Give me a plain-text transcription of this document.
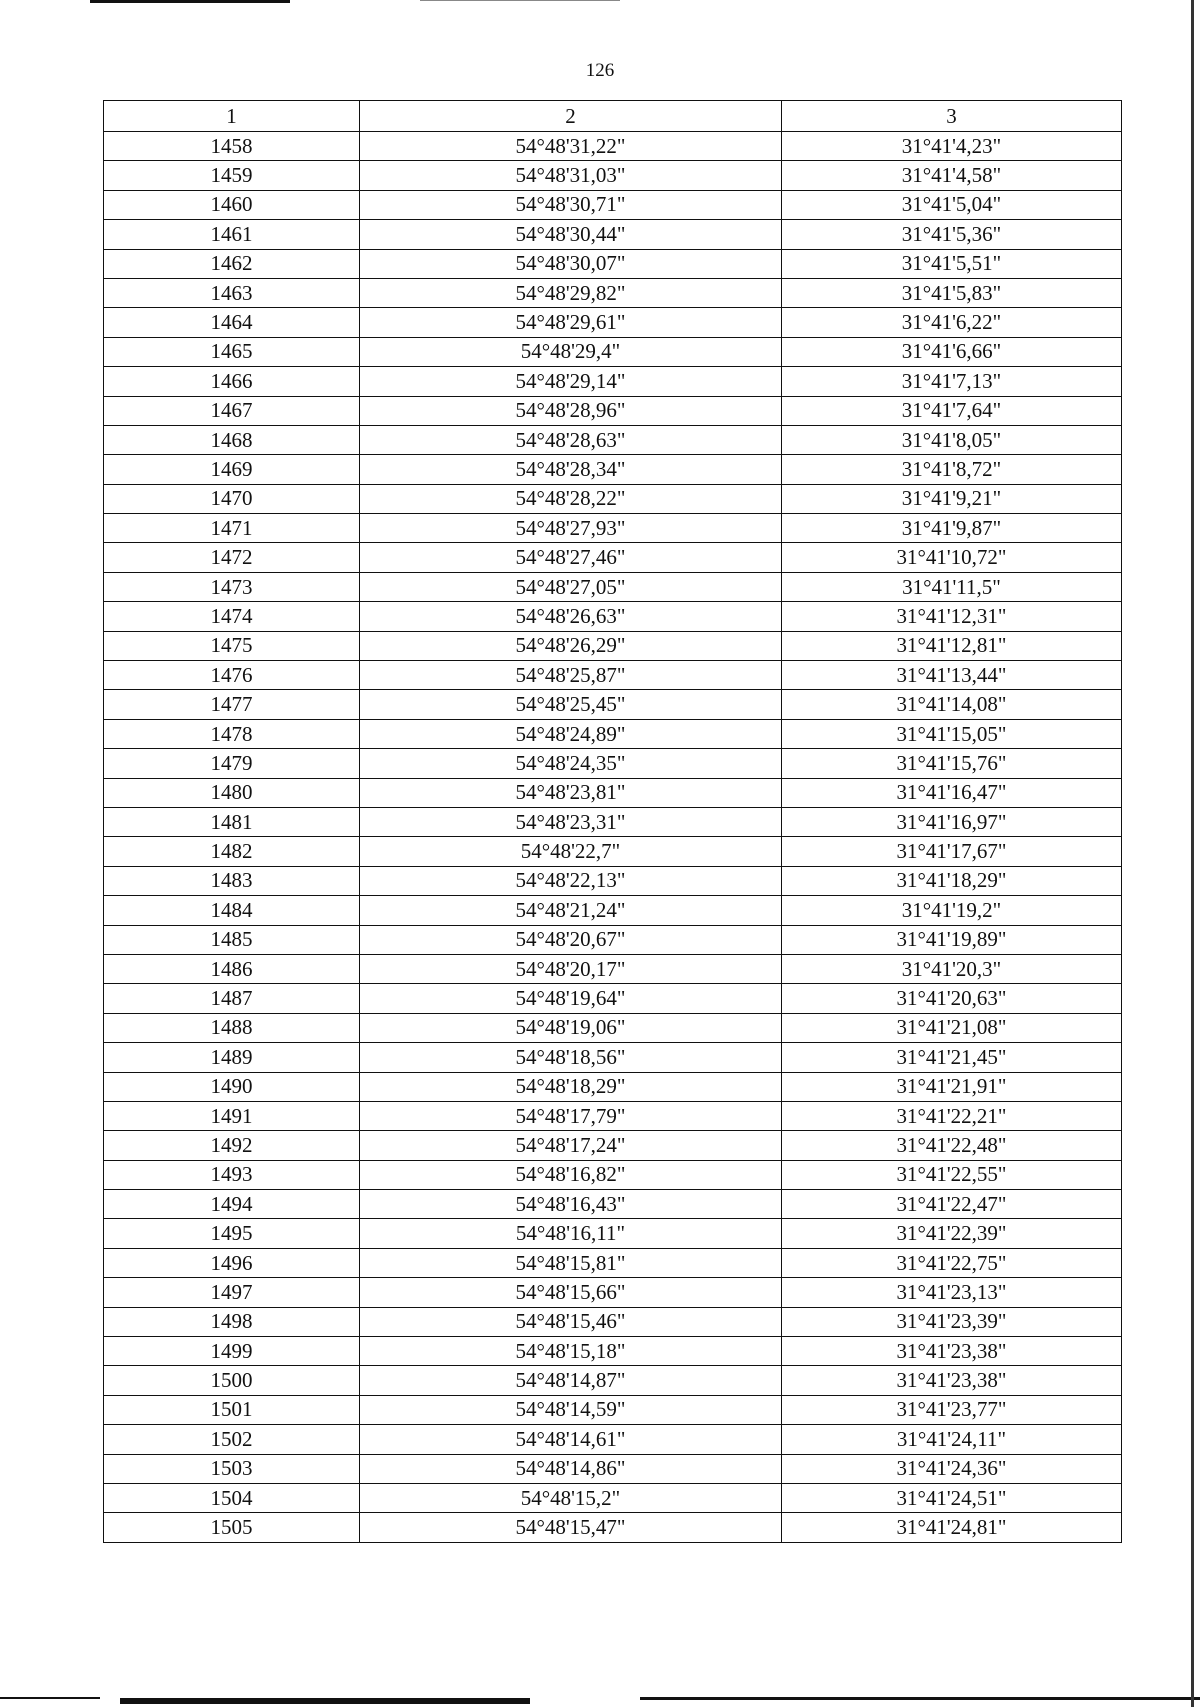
126
1	2	3
1458	54°48'31,22"	31°41'4,23"
1459	54°48'31,03"	31°41'4,58"
1460	54°48'30,71"	31°41'5,04"
1461	54°48'30,44"	31°41'5,36"
1462	54°48'30,07"	31°41'5,51"
1463	54°48'29,82"	31°41'5,83"
1464	54°48'29,61"	31°41'6,22"
1465	54°48'29,4"	31°41'6,66"
1466	54°48'29,14"	31°41'7,13"
1467	54°48'28,96"	31°41'7,64"
1468	54°48'28,63"	31°41'8,05"
1469	54°48'28,34"	31°41'8,72"
1470	54°48'28,22"	31°41'9,21"
1471	54°48'27,93"	31°41'9,87"
1472	54°48'27,46"	31°41'10,72"
1473	54°48'27,05"	31°41'11,5"
1474	54°48'26,63"	31°41'12,31"
1475	54°48'26,29"	31°41'12,81"
1476	54°48'25,87"	31°41'13,44"
1477	54°48'25,45"	31°41'14,08"
1478	54°48'24,89"	31°41'15,05"
1479	54°48'24,35"	31°41'15,76"
1480	54°48'23,81"	31°41'16,47"
1481	54°48'23,31"	31°41'16,97"
1482	54°48'22,7"	31°41'17,67"
1483	54°48'22,13"	31°41'18,29"
1484	54°48'21,24"	31°41'19,2"
1485	54°48'20,67"	31°41'19,89"
1486	54°48'20,17"	31°41'20,3"
1487	54°48'19,64"	31°41'20,63"
1488	54°48'19,06"	31°41'21,08"
1489	54°48'18,56"	31°41'21,45"
1490	54°48'18,29"	31°41'21,91"
1491	54°48'17,79"	31°41'22,21"
1492	54°48'17,24"	31°41'22,48"
1493	54°48'16,82"	31°41'22,55"
1494	54°48'16,43"	31°41'22,47"
1495	54°48'16,11"	31°41'22,39"
1496	54°48'15,81"	31°41'22,75"
1497	54°48'15,66"	31°41'23,13"
1498	54°48'15,46"	31°41'23,39"
1499	54°48'15,18"	31°41'23,38"
1500	54°48'14,87"	31°41'23,38"
1501	54°48'14,59"	31°41'23,77"
1502	54°48'14,61"	31°41'24,11"
1503	54°48'14,86"	31°41'24,36"
1504	54°48'15,2"	31°41'24,51"
1505	54°48'15,47"	31°41'24,81"
